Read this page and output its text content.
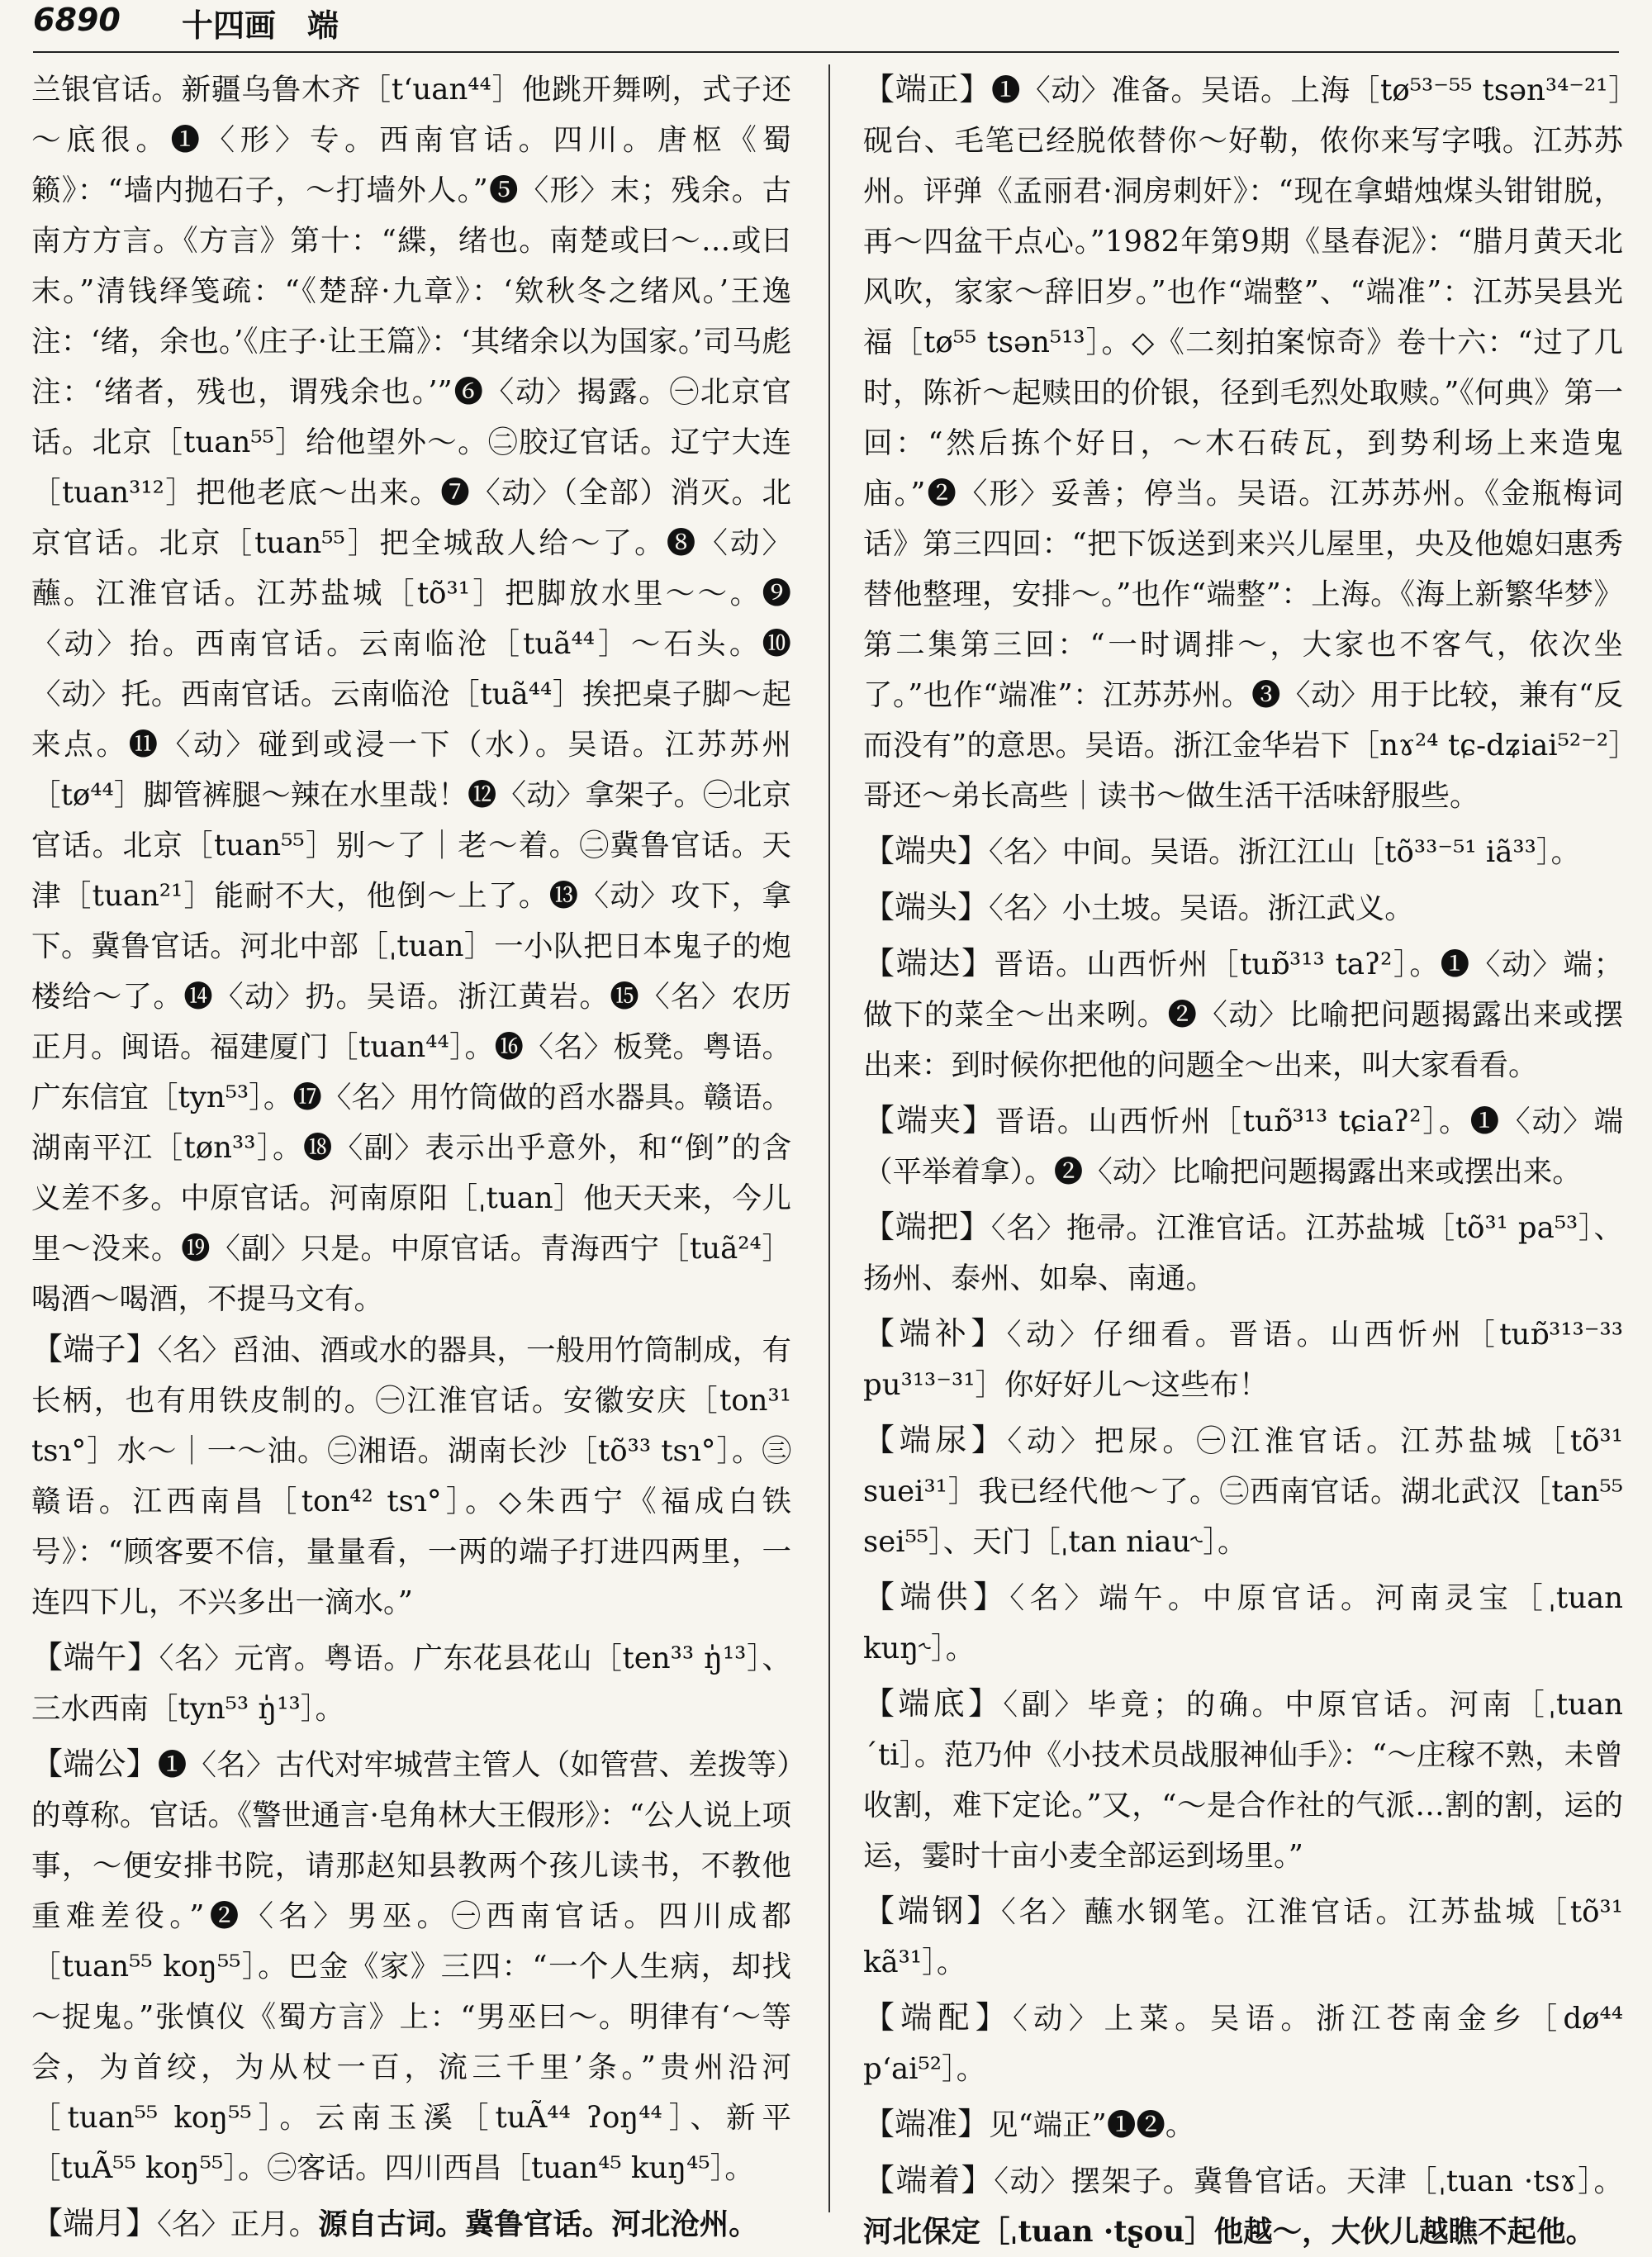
6890 十四画　端

兰银官话。新疆乌鲁木齐［tʻuan⁴⁴］他跳开舞咧，式子还～底很。❶〈形〉专。西南官话。四川。唐枢《蜀籁》：“墙内抛石子，～打墙外人。”❺〈形〉末；残余。古南方方言。《方言》第十：“緤，绪也。南楚或曰～…或曰末。”清钱绎笺疏：“《楚辞·九章》：‘欸秋冬之绪风。’王逸注：‘绪，余也。’《庄子·让王篇》：‘其绪余以为国家。’司马彪注：‘绪者，残也，谓残余也。’”❻〈动〉揭露。㊀北京官话。北京［tuan⁵⁵］给他望外～。㊁胶辽官话。辽宁大连［tuan³¹²］把他老底～出来。❼〈动〉（全部）消灭。北京官话。北京［tuan⁵⁵］把全城敌人给～了。❽〈动〉蘸。江淮官话。江苏盐城［tõ³¹］把脚放水里～～。❾〈动〉抬。西南官话。云南临沧［tuã⁴⁴］～石头。❿〈动〉托。西南官话。云南临沧［tuã⁴⁴］挨把桌子脚～起来点。⓫〈动〉碰到或浸一下（水）。吴语。江苏苏州［tø⁴⁴］脚管裤腿～辣在水里哉！⓬〈动〉拿架子。㊀北京官话。北京［tuan⁵⁵］别～了｜老～着。㊁冀鲁官话。天津［tuan²¹］能耐不大，他倒～上了。⓭〈动〉攻下，拿下。冀鲁官话。河北中部［ˌtuan］一小队把日本鬼子的炮楼给～了。⓮〈动〉扔。吴语。浙江黄岩。⓯〈名〉农历正月。闽语。福建厦门［tuan⁴⁴］。⓰〈名〉板凳。粤语。广东信宜［tyn⁵³］。⓱〈名〉用竹筒做的舀水器具。赣语。湖南平江［tøn³³］。⓲〈副〉表示出乎意外，和“倒”的含义差不多。中原官话。河南原阳［ˌtuan］他天天来，今儿里～没来。⓳〈副〉只是。中原官话。青海西宁［tuã²⁴］喝酒～喝酒，不提马文有。

【端子】〈名〉舀油、酒或水的器具，一般用竹筒制成，有长柄，也有用铁皮制的。㊀江淮官话。安徽安庆［ton³¹ tsɿ°］水～｜一～油。㊁湘语。湖南长沙［tõ³³ tsɿ°］。㊂赣语。江西南昌［ton⁴² tsɿ°］。◇朱西宁《福成白铁号》：“顾客要不信，量量看，一两的端子打进四两里，一连四下儿，不兴多出一滴水。”

【端午】〈名〉元宵。粤语。广东花县花山［ten³³ ŋ̍¹³］、三水西南［tyn⁵³ ŋ̍¹³］。

【端公】❶〈名〉古代对牢城营主管人（如管营、差拨等）的尊称。官话。《警世通言·皂角林大王假形》：“公人说上项事，～便安排书院，请那赵知县教两个孩儿读书，不教他重难差役。”❷〈名〉男巫。㊀西南官话。四川成都［tuan⁵⁵ koŋ⁵⁵］。巴金《家》三四：“一个人生病，却找～捉鬼。”张慎仪《蜀方言》上：“男巫曰～。明律有‘～等会，为首绞，为从杖一百，流三千里’条。”贵州沿河［tuan⁵⁵ koŋ⁵⁵］。云南玉溪［tuÃ⁴⁴ ʔoŋ⁴⁴］、新平［tuÃ⁵⁵ koŋ⁵⁵］。㊁客话。四川西昌［tuan⁴⁵ kuŋ⁴⁵］。

【端月】〈名〉正月。源自古词。冀鲁官话。河北沧州。

【端正】❶〈动〉准备。吴语。上海［tø⁵³⁻⁵⁵ tsən³⁴⁻²¹］砚台、毛笔已经脱侬替你～好勒，侬你来写字哦。江苏苏州。评弹《孟丽君·洞房刺奸》：“现在拿蜡烛煤头钳钳脱，再～四盆干点心。”1982年第9期《垦春泥》：“腊月黄天北风吹，家家～辞旧岁。”也作“端整”、“端准”：江苏吴县光福［tø⁵⁵ tsən⁵¹³］。◇《二刻拍案惊奇》卷十六：“过了几时，陈祈～起赎田的价银，径到毛烈处取赎。”《何典》第一回：“然后拣个好日，～木石砖瓦，到势利场上来造鬼庙。”❷〈形〉妥善；停当。吴语。江苏苏州。《金瓶梅词话》第三四回：“把下饭送到来兴儿屋里，央及他媳妇惠秀替他整理，安排～。”也作“端整”：上海。《海上新繁华梦》第二集第三回：“一时调排～，大家也不客气，依次坐了。”也作“端准”：江苏苏州。❸〈动〉用于比较，兼有“反而没有”的意思。吴语。浙江金华岩下［nɤ²⁴ tɕ-dʑiai⁵²⁻²］哥还～弟长高些｜读书～做生活干活味舒服些。

【端央】〈名〉中间。吴语。浙江江山［tõ³³⁻⁵¹ iã³³］。

【端头】〈名〉小土坡。吴语。浙江武义。

【端达】晋语。山西忻州［tuɒ̃³¹³ taʔ²］。❶〈动〉端；做下的菜全～出来咧。❷〈动〉比喻把问题揭露出来或摆出来：到时候你把他的问题全～出来，叫大家看看。

【端夹】晋语。山西忻州［tuɒ̃³¹³ tɕiaʔ²］。❶〈动〉端（平举着拿）。❷〈动〉比喻把问题揭露出来或摆出来。

【端把】〈名〉拖帚。江淮官话。江苏盐城［tõ³¹ pa⁵³］、扬州、泰州、如皋、南通。

【端补】〈动〉仔细看。晋语。山西忻州［tuɒ̃³¹³⁻³³ pu³¹³⁻³¹］你好好儿～这些布！

【端尿】〈动〉把尿。㊀江淮官话。江苏盐城［tõ³¹ suei³¹］我已经代他～了。㊁西南官话。湖北武汉［tan⁵⁵ sei⁵⁵］、天门［ˌtan niau˞］。

【端供】〈名〉端午。中原官话。河南灵宝［ˌtuan kuŋ˞］。

【端底】〈副〉毕竟；的确。中原官话。河南［ˌtuan ˊti］。范乃仲《小技术员战服神仙手》：“～庄稼不熟，未曾收割，难下定论。”又，“～是合作社的气派…割的割，运的运，霎时十亩小麦全部运到场里。”

【端钢】〈名〉蘸水钢笔。江淮官话。江苏盐城［tõ³¹ kã³¹］。

【端配】〈动〉上菜。吴语。浙江苍南金乡［dø⁴⁴ pʻai⁵²］。

【端准】见“端正”❶❷。

【端着】〈动〉摆架子。冀鲁官话。天津［ˌtuan ·tsɤ］。河北保定［ˌtuan ·tʂou］他越～，大伙儿越瞧不起他。
